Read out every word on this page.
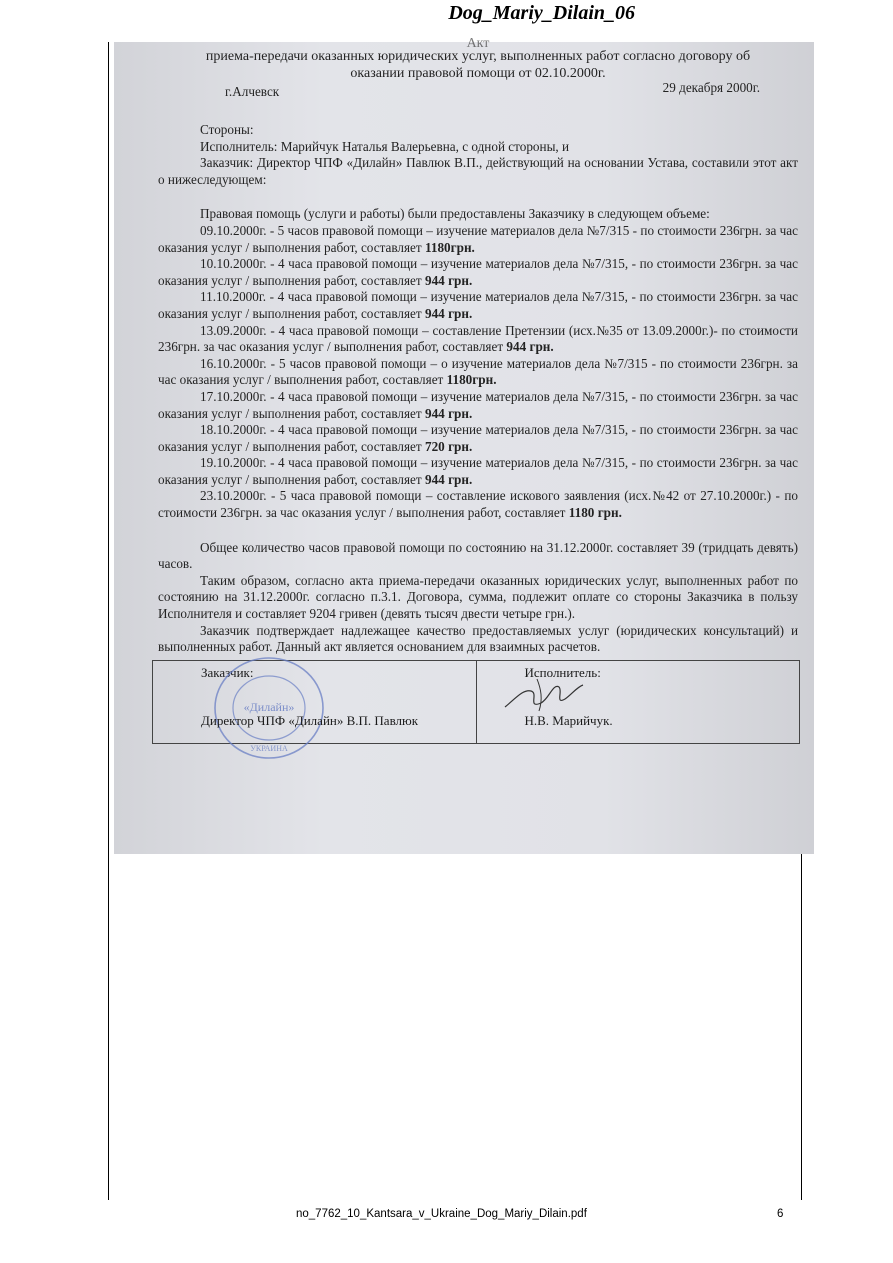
Dog_Mariy_Dilain_06
Акт
приема-передачи оказанных юридических услуг, выполненных работ согласно договору об
оказании правовой помощи от 02.10.2000г.
г.Алчевск	29 декабря 2000г.

Стороны:

Исполнитель: Марийчук Наталья Валерьевна, с одной стороны, и

Заказчик: Директор ЧПФ «Дилайн» Павлюк В.П., действующий на основании Устава, составили этот акт о нижеследующем:

Правовая помощь (услуги и работы) были предоставлены Заказчику в следующем объеме:

09.10.2000г. - 5 часов правовой помощи – изучение материалов дела №7/315 - по стоимости 236грн. за час оказания услуг / выполнения работ, составляет 1180грн.

10.10.2000г. - 4 часа правовой помощи – изучение материалов дела №7/315, - по стоимости 236грн. за час оказания услуг / выполнения работ, составляет 944 грн.

11.10.2000г. - 4 часа правовой помощи – изучение материалов дела №7/315, - по стоимости 236грн. за час оказания услуг / выполнения работ, составляет 944 грн.

13.09.2000г. - 4 часа правовой помощи – составление Претензии (исх.№35 от 13.09.2000г.)- по стоимости 236грн. за час оказания услуг / выполнения работ, составляет 944 грн.

16.10.2000г. - 5 часов правовой помощи – о изучение материалов дела №7/315 - по стоимости 236грн. за час оказания услуг / выполнения работ, составляет 1180грн.

17.10.2000г. - 4 часа правовой помощи – изучение материалов дела №7/315, - по стоимости 236грн. за час оказания услуг / выполнения работ, составляет 944 грн.

18.10.2000г. - 4 часа правовой помощи – изучение материалов дела №7/315, - по стоимости 236грн. за час оказания услуг / выполнения работ, составляет 720 грн.

19.10.2000г. - 4 часа правовой помощи – изучение материалов дела №7/315, - по стоимости 236грн. за час оказания услуг / выполнения работ, составляет 944 грн.

23.10.2000г. - 5 часа правовой помощи – составление искового заявления (исх.№42 от 27.10.2000г.) - по стоимости 236грн. за час оказания услуг / выполнения работ, составляет 1180 грн.

Общее количество часов правовой помощи по состоянию на 31.12.2000г. составляет 39 (тридцать девять) часов.

Таким образом, согласно акта приема-передачи оказанных юридических услуг, выполненных работ по состоянию на 31.12.2000г. согласно п.3.1. Договора, сумма, подлежит оплате со стороны Заказчика в пользу Исполнителя и составляет 9204 гривен (девять тысяч двести четыре грн.).

Заказчик подтверждает надлежащее качество предоставляемых услуг (юридических консультаций) и выполненных работ. Данный акт является основанием для взаимных расчетов.

Заказчик:
«Дилайн»
УКРАИНА
Директор ЧПФ «Дилайн» В.П. Павлюк
Исполнитель:
Н.В. Марийчук.
no_7762_10_Kantsara_v_Ukraine_Dog_Mariy_Dilain.pdf	6
